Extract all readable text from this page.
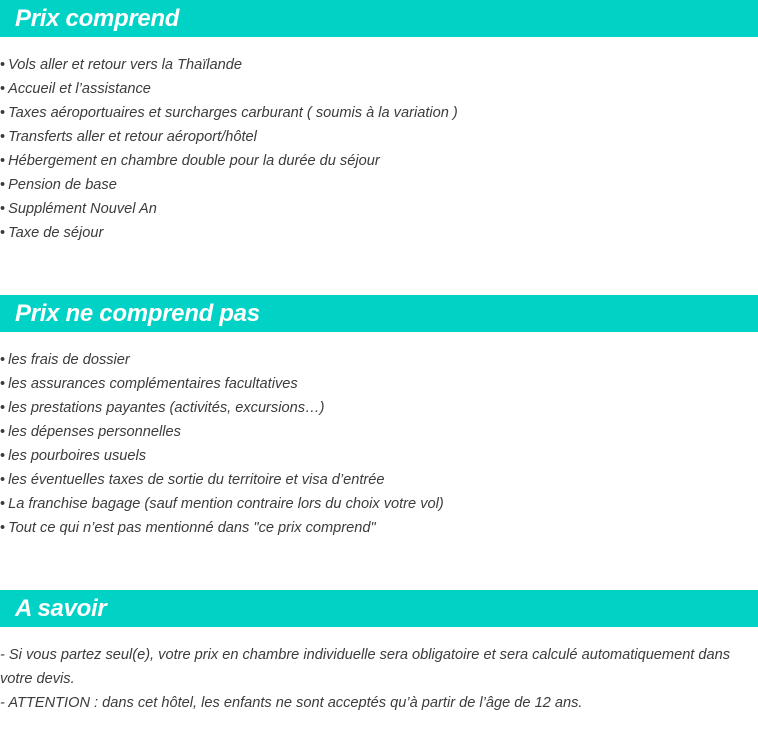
Prix comprend
• Vols aller et retour vers la Thaïlande
• Accueil et l’assistance
• Taxes aéroportuaires et surcharges carburant ( soumis à la variation )
• Transferts aller et retour aéroport/hôtel
• Hébergement en chambre double pour la durée du séjour
• Pension de base
• Supplément Nouvel An
• Taxe de séjour
Prix ne comprend pas
• les frais de dossier
• les assurances complémentaires facultatives
• les prestations payantes (activités, excursions…)
• les dépenses personnelles
• les pourboires usuels
• les éventuelles taxes de sortie du territoire et visa d’entrée
• La franchise bagage (sauf mention contraire lors du choix votre vol)
• Tout ce qui n’est pas mentionné dans "ce prix comprend"
A savoir

- Si vous partez seul(e), votre prix en chambre individuelle sera obligatoire et sera calculé automatiquement dans votre devis.

- ATTENTION : dans cet hôtel, les enfants ne sont acceptés qu’à partir de l’âge de 12 ans.
